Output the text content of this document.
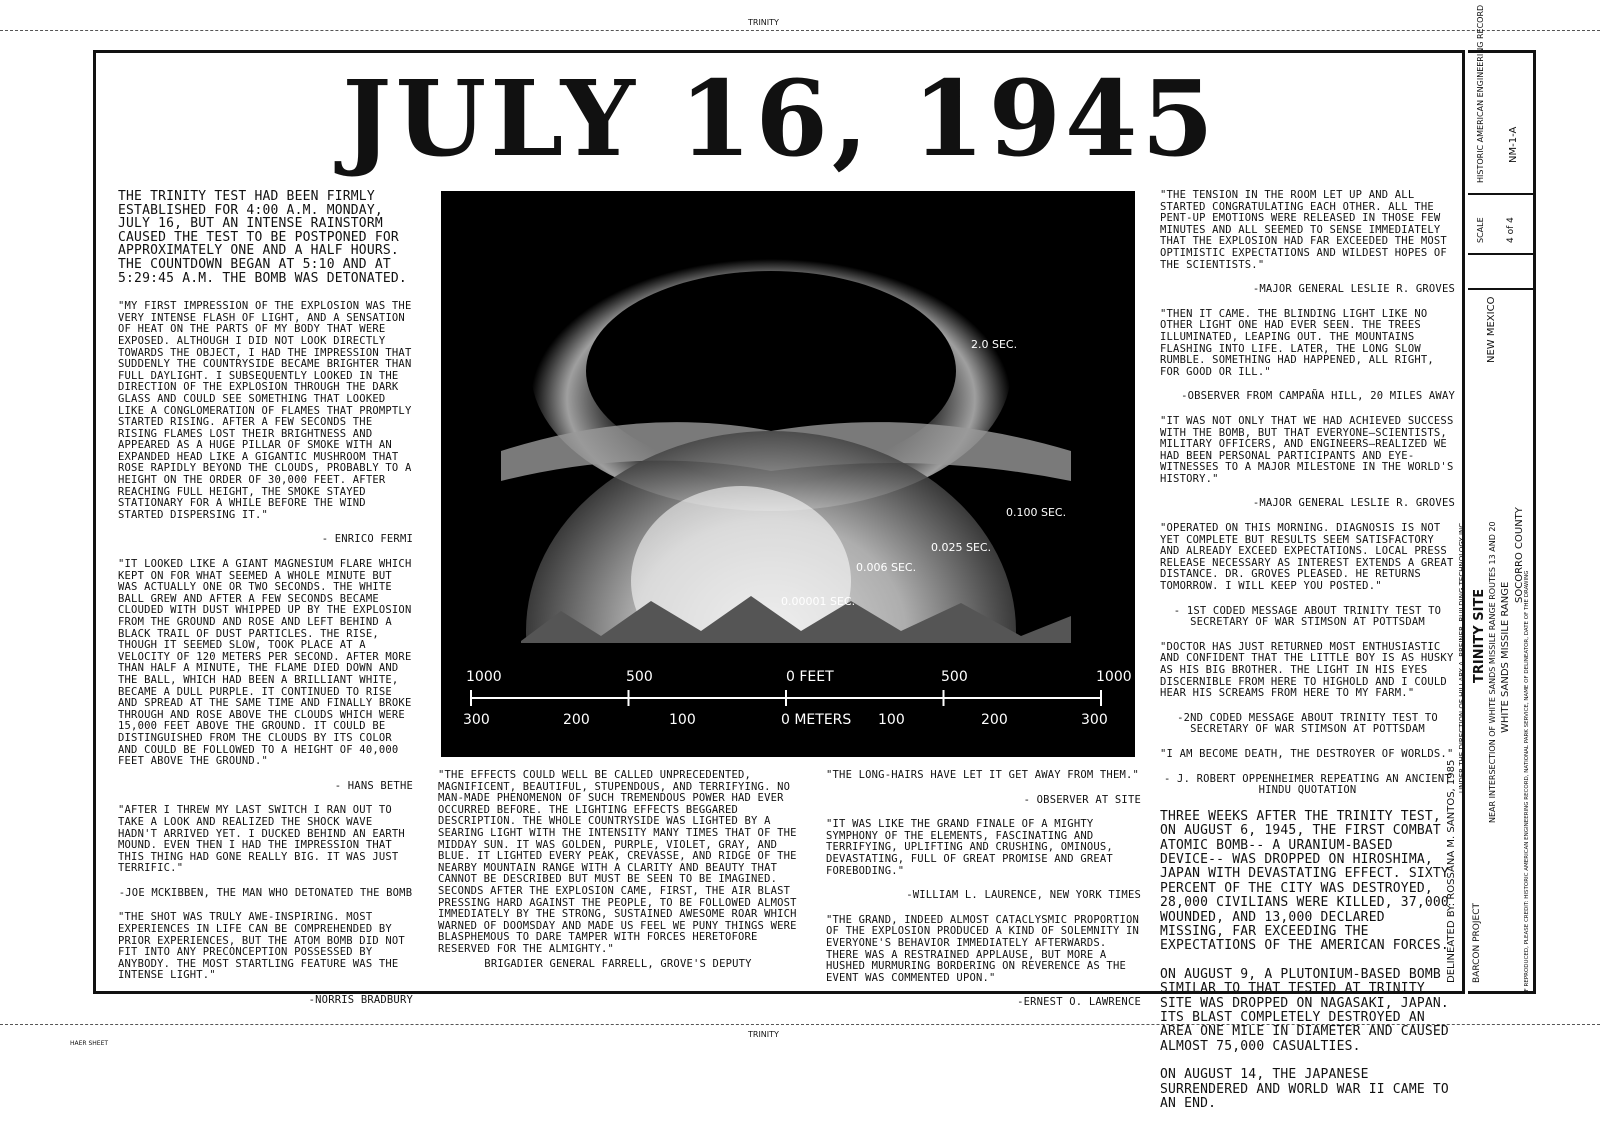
TRINITY
TRINITY
HAER SHEET
JULY 16, 1945

THE TRINITY TEST HAD BEEN FIRMLY ESTABLISHED FOR 4:00 A.M. MONDAY, JULY 16, BUT AN INTENSE RAINSTORM CAUSED THE TEST TO BE POSTPONED FOR APPROXIMATELY ONE AND A HALF HOURS. THE COUNTDOWN BEGAN AT 5:10 AND AT 5:29:45 A.M. THE BOMB WAS DETONATED.

"MY FIRST IMPRESSION OF THE EXPLOSION WAS THE VERY INTENSE FLASH OF LIGHT, AND A SENSATION OF HEAT ON THE PARTS OF MY BODY THAT WERE EXPOSED. ALTHOUGH I DID NOT LOOK DIRECTLY TOWARDS THE OBJECT, I HAD THE IMPRESSION THAT SUDDENLY THE COUNTRYSIDE BECAME BRIGHTER THAN FULL DAYLIGHT. I SUBSEQUENTLY LOOKED IN THE DIRECTION OF THE EXPLOSION THROUGH THE DARK GLASS AND COULD SEE SOMETHING THAT LOOKED LIKE A CONGLOMERATION OF FLAMES THAT PROMPTLY STARTED RISING. AFTER A FEW SECONDS THE RISING FLAMES LOST THEIR BRIGHTNESS AND APPEARED AS A HUGE PILLAR OF SMOKE WITH AN EXPANDED HEAD LIKE A GIGANTIC MUSHROOM THAT ROSE RAPIDLY BEYOND THE CLOUDS, PROBABLY TO A HEIGHT ON THE ORDER OF 30,000 FEET. AFTER REACHING FULL HEIGHT, THE SMOKE STAYED STATIONARY FOR A WHILE BEFORE THE WIND STARTED DISPERSING IT."

- ENRICO FERMI

"IT LOOKED LIKE A GIANT MAGNESIUM FLARE WHICH KEPT ON FOR WHAT SEEMED A WHOLE MINUTE BUT WAS ACTUALLY ONE OR TWO SECONDS. THE WHITE BALL GREW AND AFTER A FEW SECONDS BECAME CLOUDED WITH DUST WHIPPED UP BY THE EXPLOSION FROM THE GROUND AND ROSE AND LEFT BEHIND A BLACK TRAIL OF DUST PARTICLES. THE RISE, THOUGH IT SEEMED SLOW, TOOK PLACE AT A VELOCITY OF 120 METERS PER SECOND. AFTER MORE THAN HALF A MINUTE, THE FLAME DIED DOWN AND THE BALL, WHICH HAD BEEN A BRILLIANT WHITE, BECAME A DULL PURPLE. IT CONTINUED TO RISE AND SPREAD AT THE SAME TIME AND FINALLY BROKE THROUGH AND ROSE ABOVE THE CLOUDS WHICH WERE 15,000 FEET ABOVE THE GROUND. IT COULD BE DISTINGUISHED FROM THE CLOUDS BY ITS COLOR AND COULD BE FOLLOWED TO A HEIGHT OF 40,000 FEET ABOVE THE GROUND."

- HANS BETHE

"AFTER I THREW MY LAST SWITCH I RAN OUT TO TAKE A LOOK AND REALIZED THE SHOCK WAVE HADN'T ARRIVED YET. I DUCKED BEHIND AN EARTH MOUND. EVEN THEN I HAD THE IMPRESSION THAT THIS THING HAD GONE REALLY BIG. IT WAS JUST TERRIFIC."

-JOE MCKIBBEN, THE MAN WHO DETONATED THE BOMB

"THE SHOT WAS TRULY AWE-INSPIRING. MOST EXPERIENCES IN LIFE CAN BE COMPREHENDED BY PRIOR EXPERIENCES, BUT THE ATOM BOMB DID NOT FIT INTO ANY PRECONCEPTION POSSESSED BY ANYBODY. THE MOST STARTLING FEATURE WAS THE INTENSE LIGHT."

-NORRIS BRADBURY

2.0 SEC.
0.100 SEC.
0.025 SEC.
0.006 SEC.
0.00001 SEC.
1000	500	0 FEET	500	1000
300	200	100	0 METERS 100	200	300

"THE EFFECTS COULD WELL BE CALLED UNPRECEDENTED, MAGNIFICENT, BEAUTIFUL, STUPENDOUS, AND TERRIFYING. NO MAN-MADE PHENOMENON OF SUCH TREMENDOUS POWER HAD EVER OCCURRED BEFORE. THE LIGHTING EFFECTS BEGGARED DESCRIPTION. THE WHOLE COUNTRYSIDE WAS LIGHTED BY A SEARING LIGHT WITH THE INTENSITY MANY TIMES THAT OF THE MIDDAY SUN. IT WAS GOLDEN, PURPLE, VIOLET, GRAY, AND BLUE. IT LIGHTED EVERY PEAK, CREVASSE, AND RIDGE OF THE NEARBY MOUNTAIN RANGE WITH A CLARITY AND BEAUTY THAT CANNOT BE DESCRIBED BUT MUST BE SEEN TO BE IMAGINED. SECONDS AFTER THE EXPLOSION CAME, FIRST, THE AIR BLAST PRESSING HARD AGAINST THE PEOPLE, TO BE FOLLOWED ALMOST IMMEDIATELY BY THE STRONG, SUSTAINED AWESOME ROAR WHICH WARNED OF DOOMSDAY AND MADE US FEEL WE PUNY THINGS WERE BLASPHEMOUS TO DARE TAMPER WITH FORCES HERETOFORE RESERVED FOR THE ALMIGHTY."

BRIGADIER GENERAL FARRELL, GROVE'S DEPUTY

"THE LONG-HAIRS HAVE LET IT GET AWAY FROM THEM."

- OBSERVER AT SITE

"IT WAS LIKE THE GRAND FINALE OF A MIGHTY SYMPHONY OF THE ELEMENTS, FASCINATING AND TERRIFYING, UPLIFTING AND CRUSHING, OMINOUS, DEVASTATING, FULL OF GREAT PROMISE AND GREAT FOREBODING."

-WILLIAM L. LAURENCE, NEW YORK TIMES

"THE GRAND, INDEED ALMOST CATACLYSMIC PROPORTION OF THE EXPLOSION PRODUCED A KIND OF SOLEMNITY IN EVERYONE'S BEHAVIOR IMMEDIATELY AFTERWARDS. THERE WAS A RESTRAINED APPLAUSE, BUT MORE A HUSHED MURMURING BORDERING ON REVERENCE AS THE EVENT WAS COMMENTED UPON."

-ERNEST O. LAWRENCE

"THE TENSION IN THE ROOM LET UP AND ALL STARTED CONGRATULATING EACH OTHER. ALL THE PENT-UP EMOTIONS WERE RELEASED IN THOSE FEW MINUTES AND ALL SEEMED TO SENSE IMMEDIATELY THAT THE EXPLOSION HAD FAR EXCEEDED THE MOST OPTIMISTIC EXPECTATIONS AND WILDEST HOPES OF THE SCIENTISTS."

-MAJOR GENERAL LESLIE R. GROVES

"THEN IT CAME. THE BLINDING LIGHT LIKE NO OTHER LIGHT ONE HAD EVER SEEN. THE TREES ILLUMINATED, LEAPING OUT. THE MOUNTAINS FLASHING INTO LIFE. LATER, THE LONG SLOW RUMBLE. SOMETHING HAD HAPPENED, ALL RIGHT, FOR GOOD OR ILL."

-OBSERVER FROM CAMPAÑA HILL, 20 MILES AWAY

"IT WAS NOT ONLY THAT WE HAD ACHIEVED SUCCESS WITH THE BOMB, BUT THAT EVERYONE—SCIENTISTS, MILITARY OFFICERS, AND ENGINEERS—REALIZED WE HAD BEEN PERSONAL PARTICIPANTS AND EYE-WITNESSES TO A MAJOR MILESTONE IN THE WORLD'S HISTORY."

-MAJOR GENERAL LESLIE R. GROVES

"OPERATED ON THIS MORNING. DIAGNOSIS IS NOT YET COMPLETE BUT RESULTS SEEM SATISFACTORY AND ALREADY EXCEED EXPECTATIONS. LOCAL PRESS RELEASE NECESSARY AS INTEREST EXTENDS A GREAT DISTANCE. DR. GROVES PLEASED. HE RETURNS TOMORROW. I WILL KEEP YOU POSTED."

- 1ST CODED MESSAGE ABOUT TRINITY TEST TO SECRETARY OF WAR STIMSON AT POTTSDAM

"DOCTOR HAS JUST RETURNED MOST ENTHUSIASTIC AND CONFIDENT THAT THE LITTLE BOY IS AS HUSKY AS HIS BIG BROTHER. THE LIGHT IN HIS EYES DISCERNIBLE FROM HERE TO HIGHOLD AND I COULD HEAR HIS SCREAMS FROM HERE TO MY FARM."

-2ND CODED MESSAGE ABOUT TRINITY TEST TO SECRETARY OF WAR STIMSON AT POTTSDAM

"I AM BECOME DEATH, THE DESTROYER OF WORLDS."

- J. ROBERT OPPENHEIMER REPEATING AN ANCIENT HINDU QUOTATION

THREE WEEKS AFTER THE TRINITY TEST, ON AUGUST 6, 1945, THE FIRST COMBAT ATOMIC BOMB-- A URANIUM-BASED DEVICE-- WAS DROPPED ON HIROSHIMA, JAPAN WITH DEVASTATING EFFECT. SIXTY PERCENT OF THE CITY WAS DESTROYED, 28,000 CIVILIANS WERE KILLED, 37,000 WOUNDED, AND 13,000 DECLARED MISSING, FAR EXCEEDING THE EXPECTATIONS OF THE AMERICAN FORCES.

ON AUGUST 9, A PLUTONIUM-BASED BOMB SIMILAR TO THAT TESTED AT TRINITY SITE WAS DROPPED ON NAGASAKI, JAPAN. ITS BLAST COMPLETELY DESTROYED AN AREA ONE MILE IN DIAMETER AND CAUSED ALMOST 75,000 CASUALTIES.

ON AUGUST 14, THE JAPANESE SURRENDERED AND WORLD WAR II CAME TO AN END.

HISTORIC AMERICAN ENGINEERING RECORD NM-1-A
SCALE 4 of 4
NEW MEXICO
TRINITY SITE NEAR INTERSECTION OF WHITE SANDS MISSILE RANGE ROUTES 13 AND 20 WHITE SANDS MISSILE RANGE
SOCORRO COUNTY
DELINEATED BY: ROSSANA M. SANTOS, 1985
UNDER THE DIRECTION OF HILLARY A. BREINER, BUILDING TECHNOLOGY INC.
BARCON PROJECT	IF REPRODUCED, PLEASE CREDIT: HISTORIC AMERICAN ENGINEERING RECORD, NATIONAL PARK SERVICE, NAME OF DELINEATOR, DATE OF THE DRAWING
